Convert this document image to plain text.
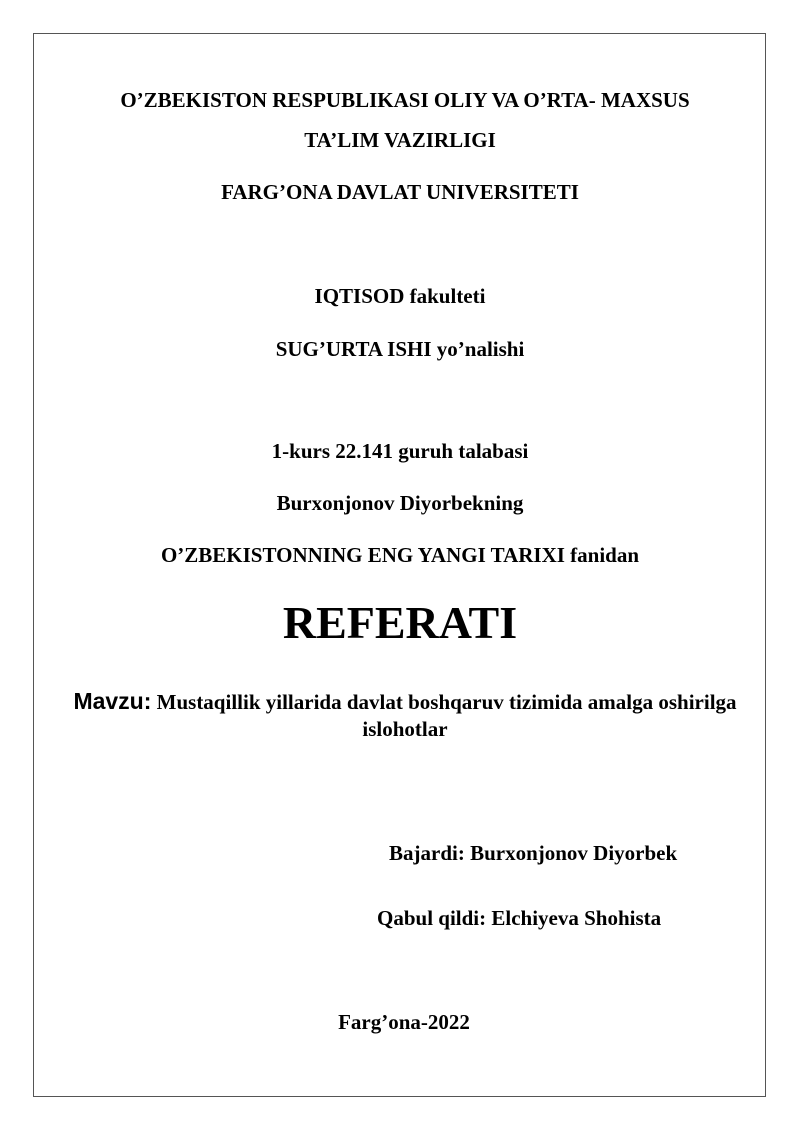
O’ZBEKISTON RESPUBLIKASI OLIY VA O’RTA- MAXSUS
TA’LIM VAZIRLIGI
FARG’ONA DAVLAT UNIVERSITETI
IQTISOD fakulteti
SUG’URTA ISHI yo’nalishi
1-kurs 22.141 guruh talabasi
Burxonjonov Diyorbekning
O’ZBEKISTONNING ENG YANGI TARIXI fanidan
REFERATI
Mavzu: Mustaqillik yillarida davlat boshqaruv tizimida amalga oshirilga islohotlar
Bajardi: Burxonjonov Diyorbek
Qabul qildi: Elchiyeva Shohista
Farg’ona-2022
